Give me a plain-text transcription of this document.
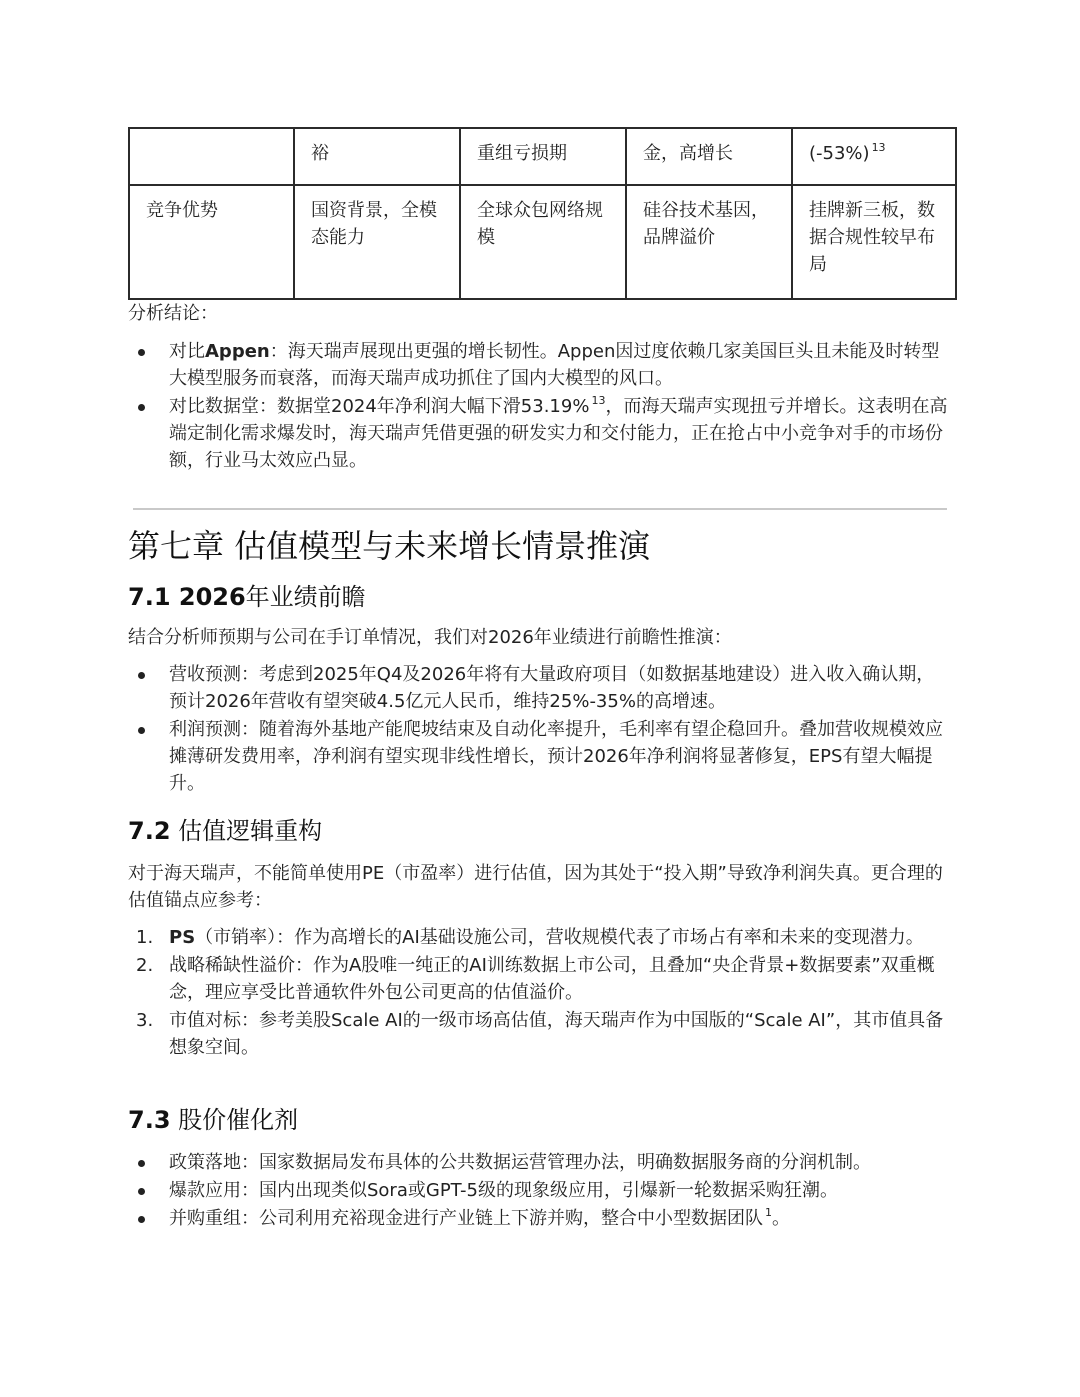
	裕	重组亏损期	金，高增长	(-53%) $^{13}$
竞争优势	国资背景，全模态能力	全球众包网络规模	硅谷技术基因，品牌溢价	挂牌新三板，数据合规性较早布局
分析结论：
对比Appen：海天瑞声展现出更强的增长韧性。Appen因过度依赖几家美国巨头且未能及时转型大模型服务而衰落，而海天瑞声成功抓住了国内大模型的风口。
对比数据堂：数据堂2024年净利润大幅下滑53.19% $^{13}$，而海天瑞声实现扭亏并增长。这表明在高端定制化需求爆发时，海天瑞声凭借更强的研发实力和交付能力，正在抢占中小竞争对手的市场份额，行业马太效应凸显。
第七章 估值模型与未来增长情景推演
7.1 2026年业绩前瞻
结合分析师预期与公司在手订单情况，我们对2026年业绩进行前瞻性推演：
营收预测：考虑到2025年Q4及2026年将有大量政府项目（如数据基地建设）进入收入确认期，预计2026年营收有望突破4.5亿元人民币，维持25%-35%的高增速。
利润预测：随着海外基地产能爬坡结束及自动化率提升，毛利率有望企稳回升。叠加营收规模效应摊薄研发费用率，净利润有望实现非线性增长，预计2026年净利润将显著修复，EPS有望大幅提升。
7.2 估值逻辑重构
对于海天瑞声，不能简单使用PE（市盈率）进行估值，因为其处于“投入期”导致净利润失真。更合理的估值锚点应参考：
1. PS（市销率）：作为高增长的AI基础设施公司，营收规模代表了市场占有率和未来的变现潜力。
2. 战略稀缺性溢价：作为A股唯一纯正的AI训练数据上市公司，且叠加“央企背景+数据要素”双重概念，理应享受比普通软件外包公司更高的估值溢价。
3. 市值对标：参考美股Scale AI的一级市场高估值，海天瑞声作为中国版的“Scale AI”，其市值具备想象空间。
7.3 股价催化剂
政策落地：国家数据局发布具体的公共数据运营管理办法，明确数据服务商的分润机制。
爆款应用：国内出现类似Sora或GPT-5级的现象级应用，引爆新一轮数据采购狂潮。
并购重组：公司利用充裕现金进行产业链上下游并购，整合中小型数据团队 $^1$。
